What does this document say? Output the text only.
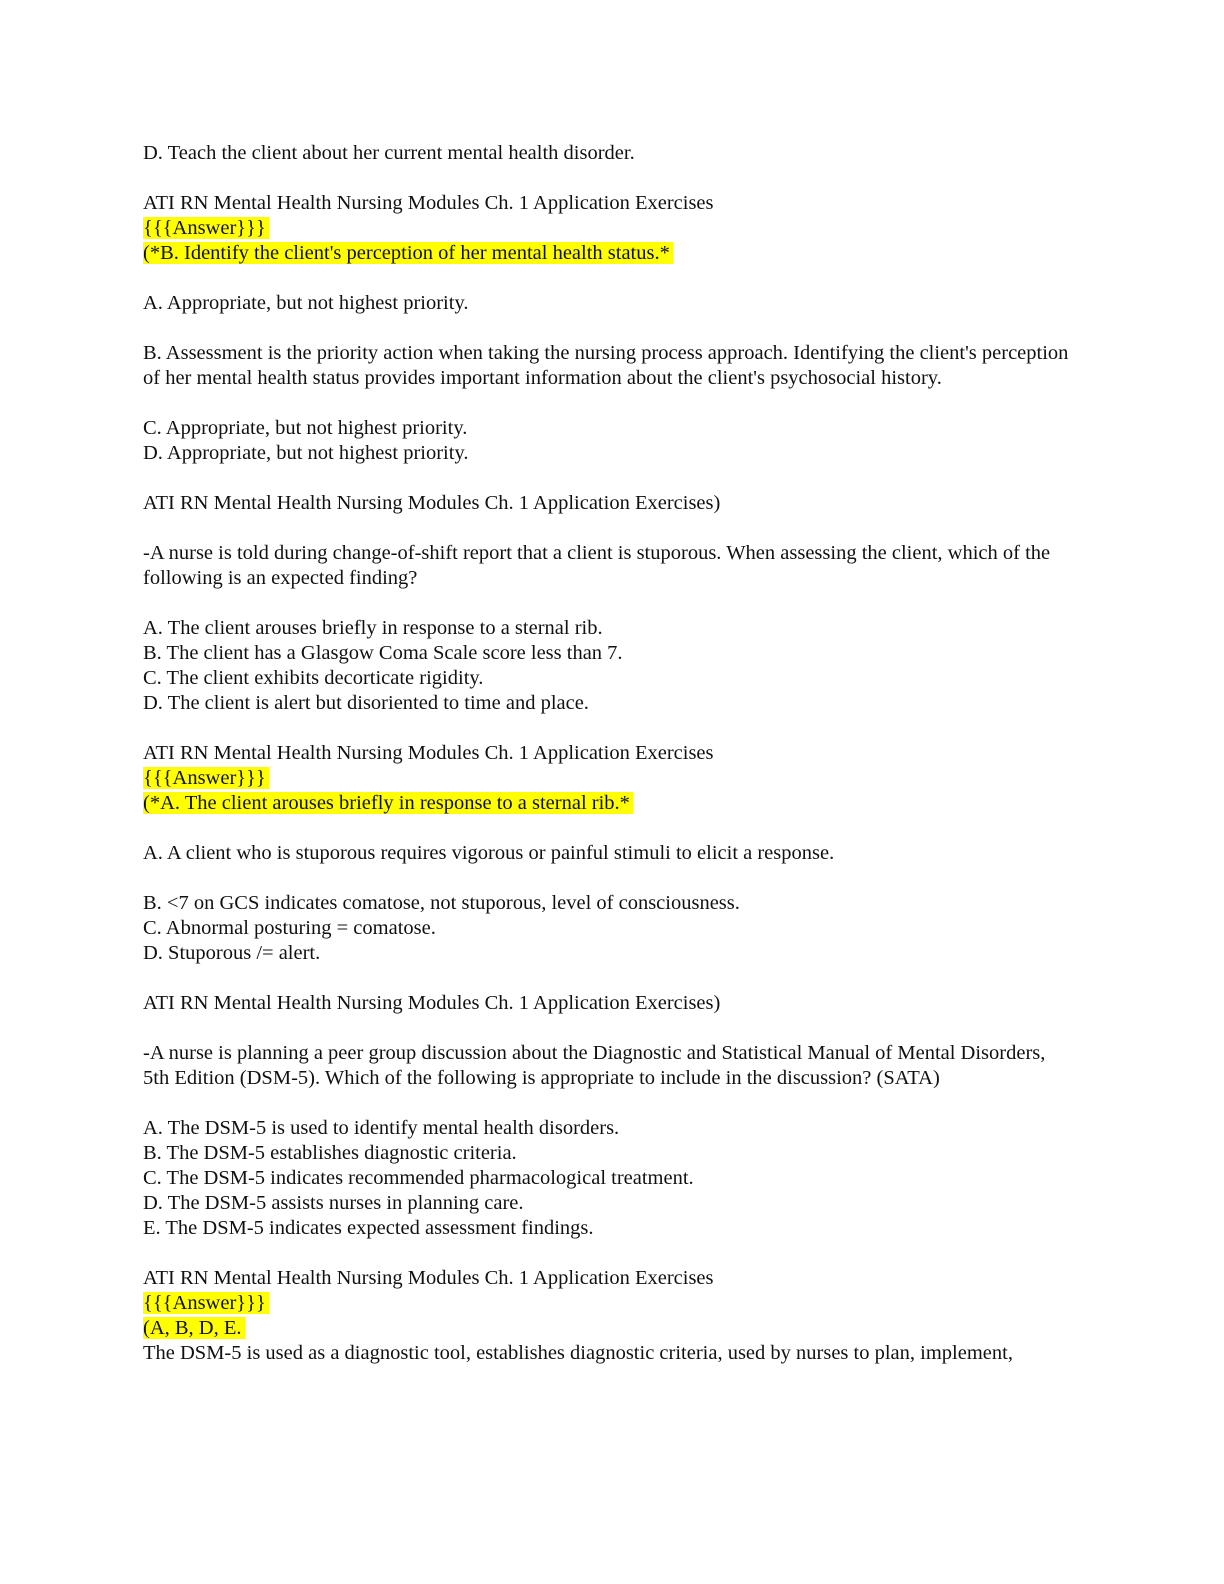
D. Teach the client about her current mental health disorder.
ATI RN Mental Health Nursing Modules Ch. 1 Application Exercises
{{{Answer}}}
(*B. Identify the client's perception of her mental health status.*
A. Appropriate, but not highest priority.
B. Assessment is the priority action when taking the nursing process approach. Identifying the client's perception of her mental health status provides important information about the client's psychosocial history.
C. Appropriate, but not highest priority.
D. Appropriate, but not highest priority.
ATI RN Mental Health Nursing Modules Ch. 1 Application Exercises)
-A nurse is told during change-of-shift report that a client is stuporous. When assessing the client, which of the following is an expected finding?
A. The client arouses briefly in response to a sternal rib.
B. The client has a Glasgow Coma Scale score less than 7.
C. The client exhibits decorticate rigidity.
D. The client is alert but disoriented to time and place.
ATI RN Mental Health Nursing Modules Ch. 1 Application Exercises
{{{Answer}}}
(*A. The client arouses briefly in response to a sternal rib.*
A. A client who is stuporous requires vigorous or painful stimuli to elicit a response.
B. <7 on GCS indicates comatose, not stuporous, level of consciousness.
C. Abnormal posturing = comatose.
D. Stuporous /= alert.
ATI RN Mental Health Nursing Modules Ch. 1 Application Exercises)
-A nurse is planning a peer group discussion about the Diagnostic and Statistical Manual of Mental Disorders, 5th Edition (DSM-5). Which of the following is appropriate to include in the discussion? (SATA)
A. The DSM-5 is used to identify mental health disorders.
B. The DSM-5 establishes diagnostic criteria.
C. The DSM-5 indicates recommended pharmacological treatment.
D. The DSM-5 assists nurses in planning care.
E. The DSM-5 indicates expected assessment findings.
ATI RN Mental Health Nursing Modules Ch. 1 Application Exercises
{{{Answer}}}
(A, B, D, E.
The DSM-5 is used as a diagnostic tool, establishes diagnostic criteria, used by nurses to plan, implement,
